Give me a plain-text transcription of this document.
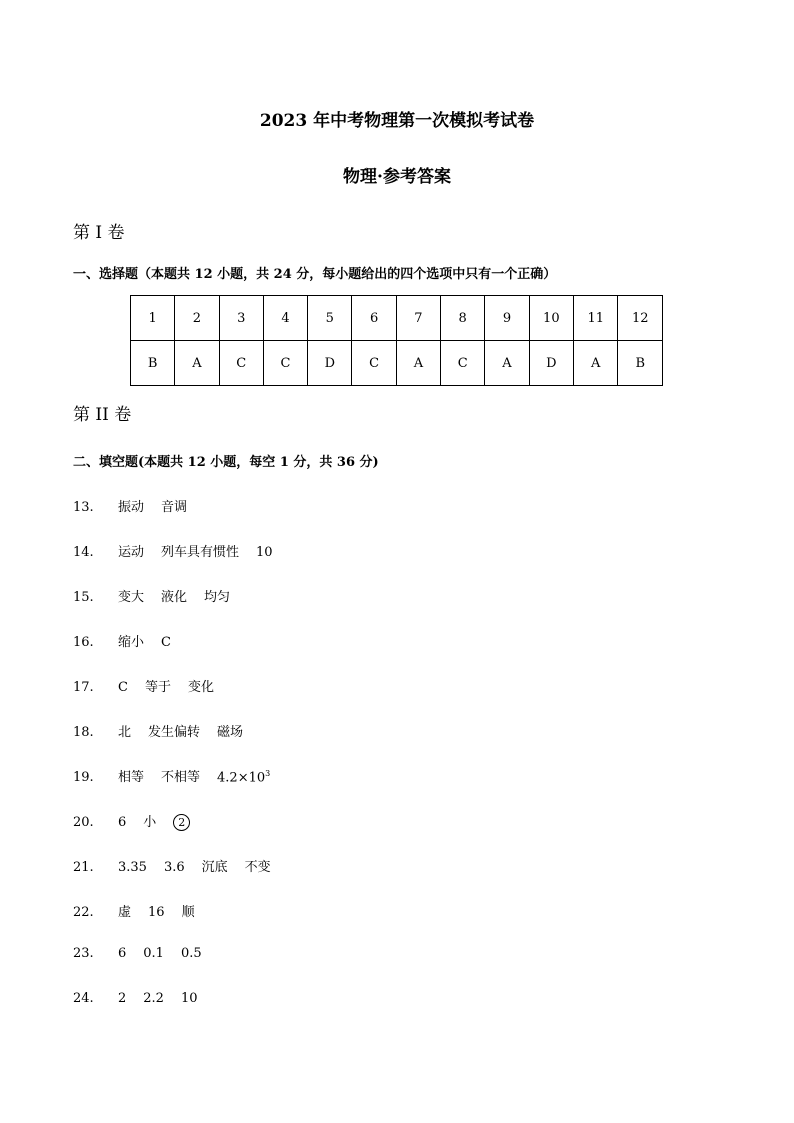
2023 年中考物理第一次模拟考试卷
物理·参考答案
第 I 卷
一、选择题（本题共 12 小题，共 24 分，每小题给出的四个选项中只有一个正确）
1	2	3	4	5	6	7	8	9	10	11	12
B	A	C	C	D	C	A	C	A	D	A	B
第 II 卷
二、填空题(本题共 12 小题，每空 1 分，共 36 分)
13.	振动 音调
14.	运动 列车具有惯性 10
15.	变大 液化 均匀
16.	缩小 C
17.	C 等于 变化
18.	北 发生偏转 磁场
19.	相等 不相等 $4.2\times 10^3$
20.	6 小	2
21.	3.35 3.6 沉底 不变
22.	虚 16 顺
23.	6 0.1 0.5
24.	2 2.2 10
